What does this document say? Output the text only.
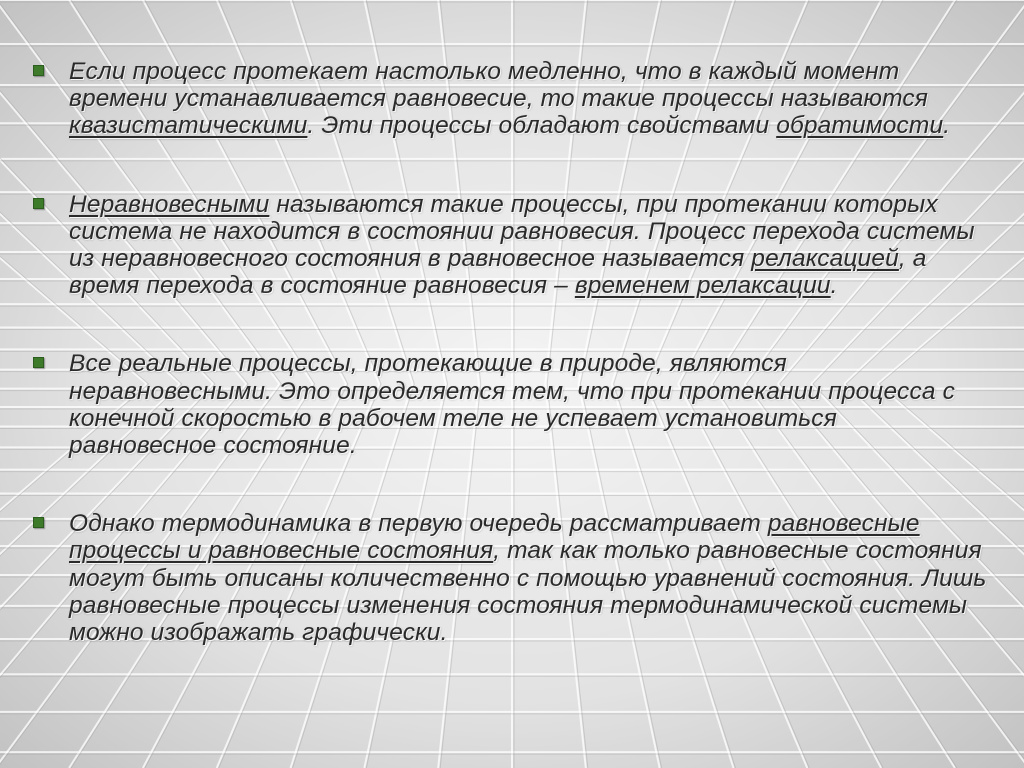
Если процесс протекает настолько медленно, что в каждый момент времени устанавливается равновесие, то такие процессы называются квазистатическими. Эти процессы обладают свойствами обратимости.
Неравновесными называются такие процессы, при протекании которых система не находится в состоянии равновесия. Процесс перехода системы из неравновесного состояния в равновесное называется релаксацией, а время перехода в состояние равновесия – временем релаксации.
Все реальные процессы, протекающие в природе, являются неравновесными. Это определяется тем, что при протекании процесса с конечной скоростью в рабочем теле не успевает установиться равновесное состояние.
Однако термодинамика в первую очередь рассматривает равновесные процессы и равновесные состояния, так как только равновесные состояния могут быть описаны количественно с помощью уравнений состояния. Лишь равновесные процессы изменения состояния термодинамической системы можно изображать графически.
